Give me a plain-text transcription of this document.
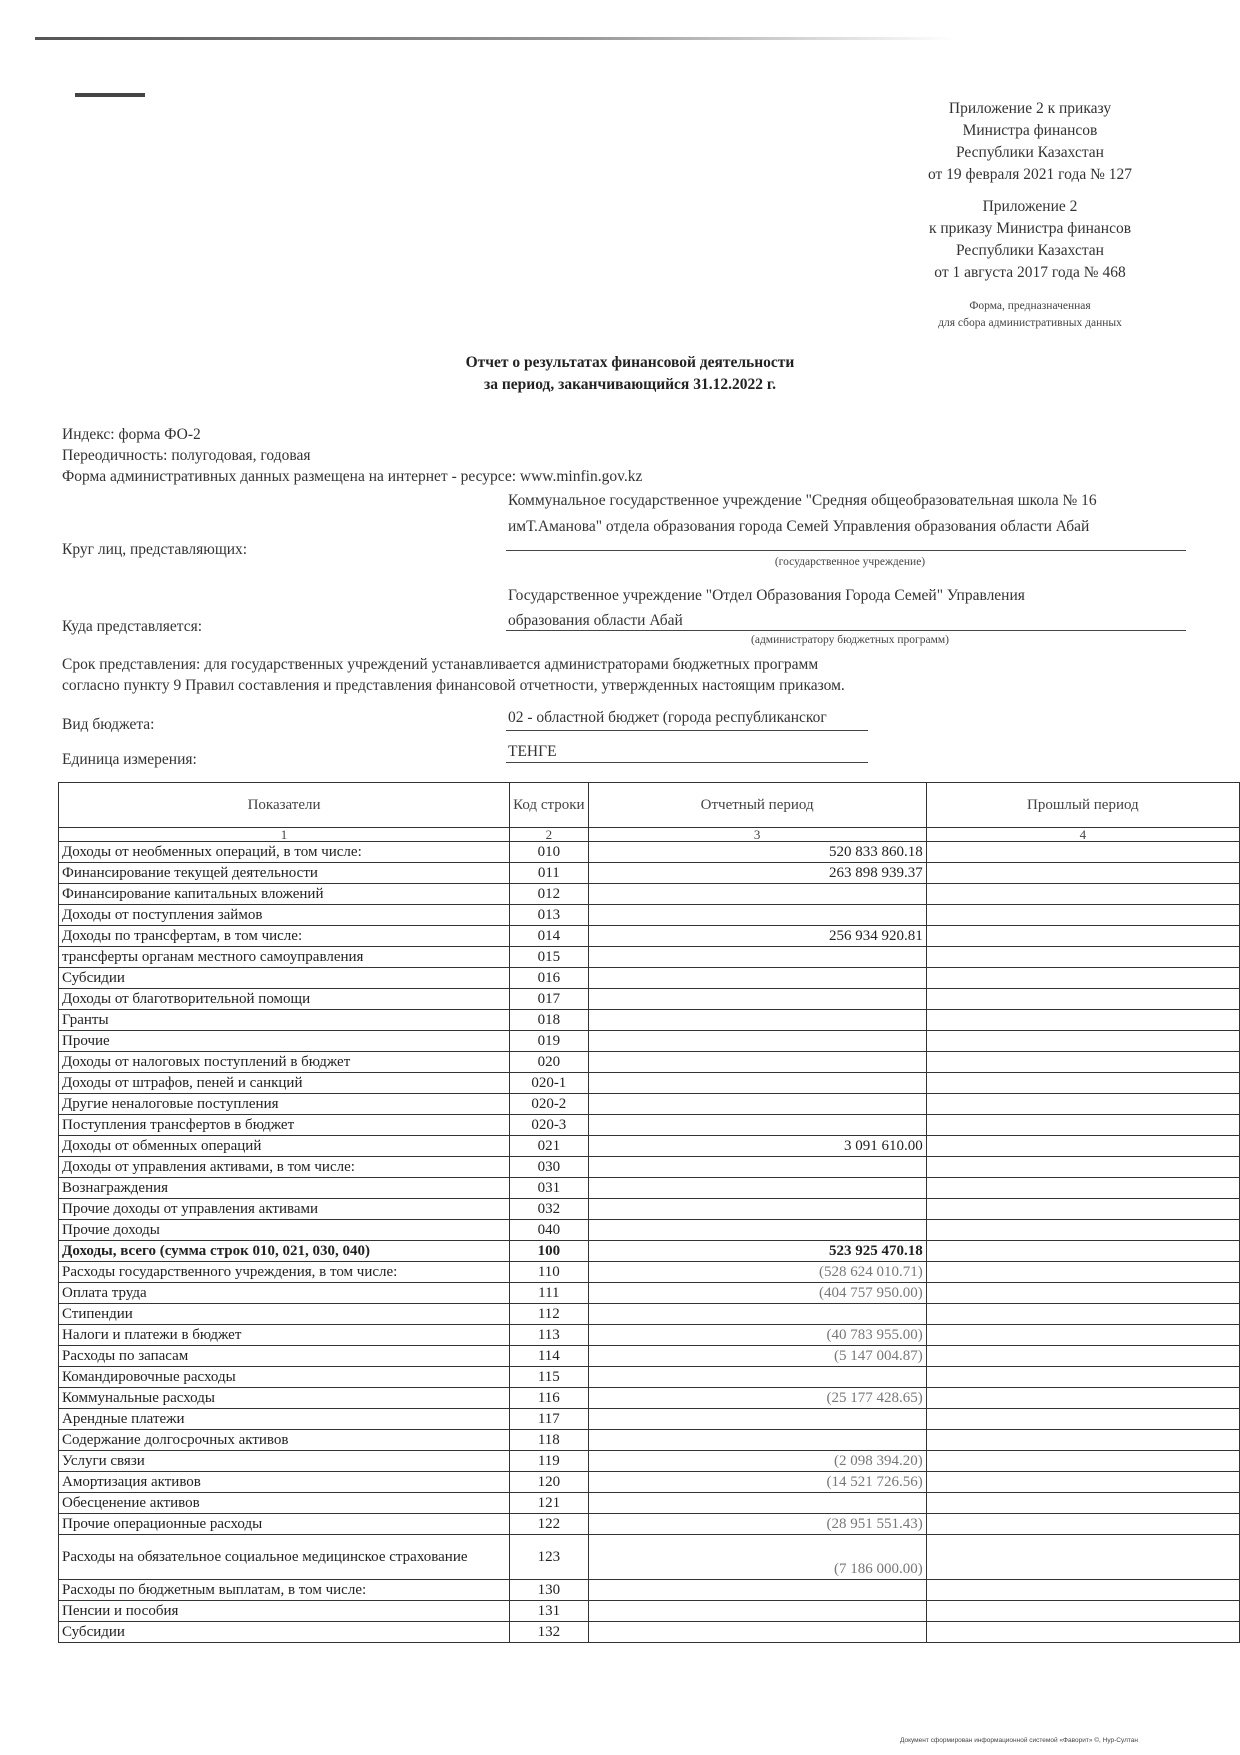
Приложение 2 к приказу
Министра финансов
Республики Казахстан
от 19 февраля 2021 года № 127
Приложение 2
к приказу Министра финансов
Республики Казахстан
от 1 августа 2017 года № 468
Форма, предназначенная
для сбора административных данных
Отчет о результатах финансовой деятельности
за период, заканчивающийся 31.12.2022 г.
Индекс: форма ФО-2
Переодичность: полугодовая, годовая
Форма административных данных размещена на интернет - ресурсе: www.minfin.gov.kz
Коммунальное государственное учреждение "Средняя общеобразовательная школа № 16
имТ.Аманова" отдела образования города Семей Управления образования области Абай
Круг лиц, представляющих:
(государственное учреждение)
Государственное учреждение "Отдел Образования Города Семей" Управления
образования области Абай
Куда представляется:
(администратору бюджетных программ)
Срок представления: для государственных учреждений устанавливается администраторами бюджетных программ
согласно пункту 9 Правил составления и представления финансовой отчетности, утвержденных настоящим приказом.
Вид бюджета:	02 - областной бюджет (города республиканског
Единица измерения:	ТЕНГЕ
Показатели	Код строки	Отчетный период	Прошлый период
1	2	3	4
Доходы от необменных операций, в том числе:	010	520 833 860.18	
Финансирование текущей деятельности	011	263 898 939.37	
Финансирование капитальных вложений	012		
Доходы от поступления займов	013		
Доходы по трансфертам, в том числе:	014	256 934 920.81	
трансферты органам местного самоуправления	015		
Субсидии	016		
Доходы от благотворительной помощи	017		
Гранты	018		
Прочие	019		
Доходы от налоговых поступлений в бюджет	020		
Доходы от штрафов, пеней и санкций	020-1		
Другие неналоговые поступления	020-2		
Поступления трансфертов в бюджет	020-3		
Доходы от обменных операций	021	3 091 610.00	
Доходы от управления активами, в том числе:	030		
Вознаграждения	031		
Прочие доходы от управления активами	032		
Прочие доходы	040		
Доходы, всего (сумма строк 010, 021, 030, 040)	100	523 925 470.18	
Расходы государственного учреждения, в том числе:	110	(528 624 010.71)	
Оплата труда	111	(404 757 950.00)	
Стипендии	112		
Налоги и платежи в бюджет	113	(40 783 955.00)	
Расходы по запасам	114	(5 147 004.87)	
Командировочные расходы	115		
Коммунальные расходы	116	(25 177 428.65)	
Арендные платежи	117		
Содержание долгосрочных активов	118		
Услуги связи	119	(2 098 394.20)	
Амортизация активов	120	(14 521 726.56)	
Обесценение активов	121		
Прочие операционные расходы	122	(28 951 551.43)	
Расходы на обязательное социальное медицинское страхование	123	(7 186 000.00)	
Расходы по бюджетным выплатам, в том числе:	130		
Пенсии и пособия	131		
Субсидии	132		
Документ сформирован информационной системой «Фаворит» ©, Нур-Султан
